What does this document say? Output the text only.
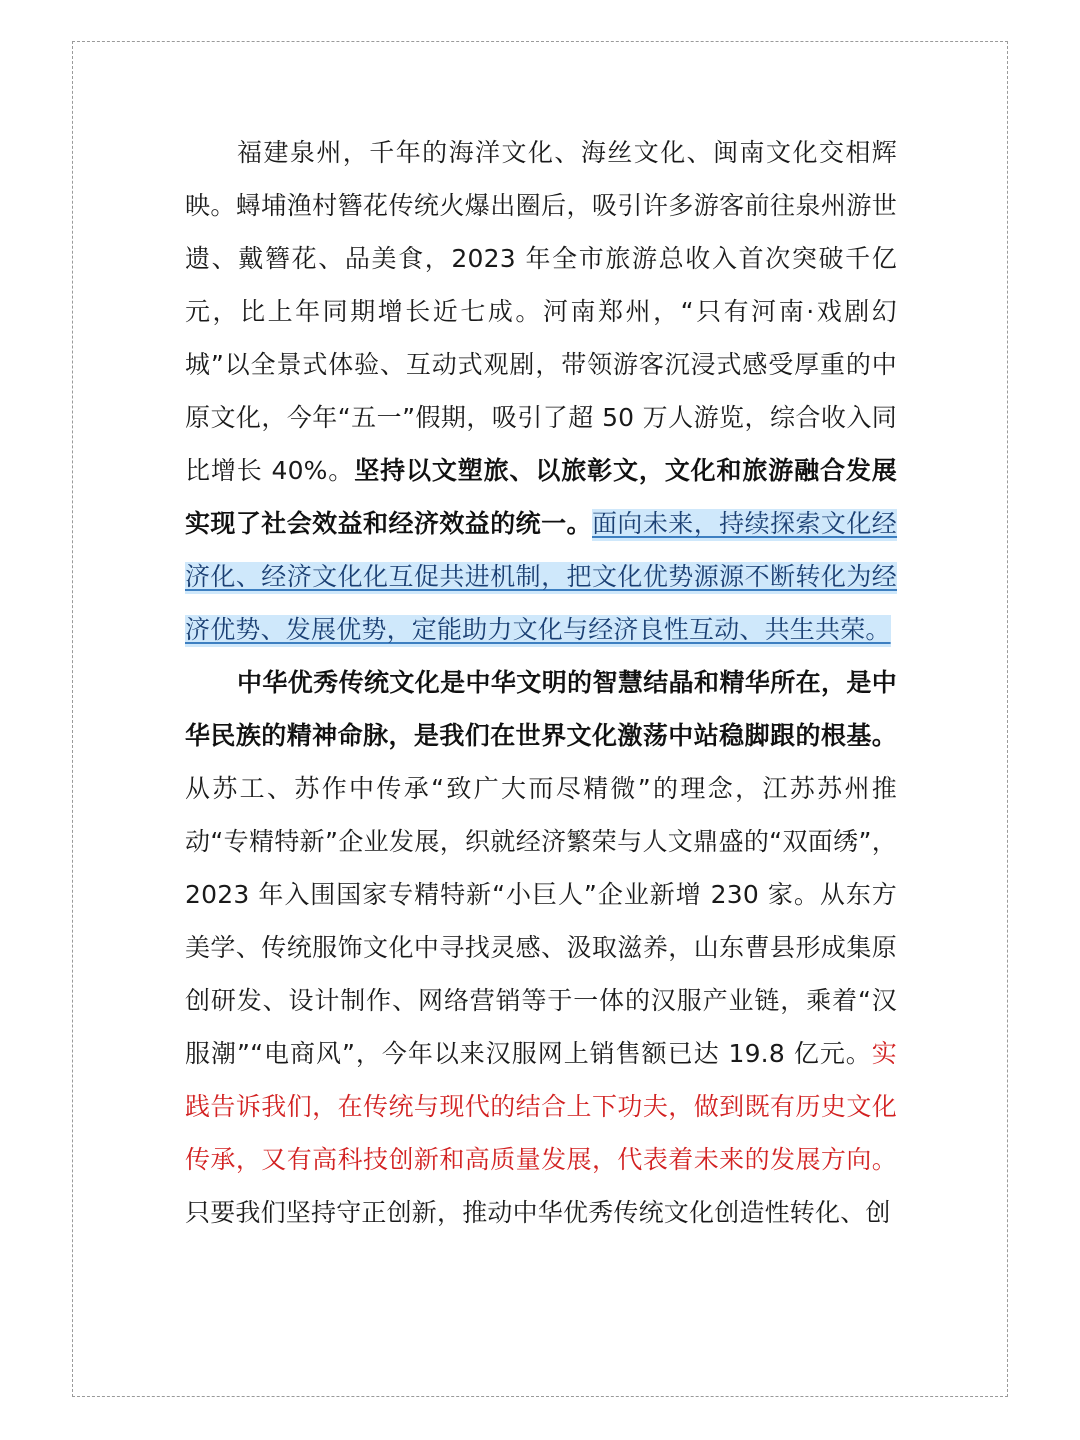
福建泉州，千年的海洋文化、海丝文化、闽南文化交相辉映。蟳埔渔村簪花传统火爆出圈后，吸引许多游客前往泉州游世遗、戴簪花、品美食，2023 年全市旅游总收入首次突破千亿元，比上年同期增长近七成。河南郑州，“只有河南·戏剧幻城”以全景式体验、互动式观剧，带领游客沉浸式感受厚重的中原文化，今年“五一”假期，吸引了超 50 万人游览，综合收入同比增长 40%。坚持以文塑旅、以旅彰文，文化和旅游融合发展实现了社会效益和经济效益的统一。面向未来，持续探索文化经济化、经济文化化互促共进机制，把文化优势源源不断转化为经济优势、发展优势，定能助力文化与经济良性互动、共生共荣。

中华优秀传统文化是中华文明的智慧结晶和精华所在，是中华民族的精神命脉，是我们在世界文化激荡中站稳脚跟的根基。从苏工、苏作中传承“致广大而尽精微”的理念，江苏苏州推动“专精特新”企业发展，织就经济繁荣与人文鼎盛的“双面绣”，2023 年入围国家专精特新“小巨人”企业新增 230 家。从东方美学、传统服饰文化中寻找灵感、汲取滋养，山东曹县形成集原创研发、设计制作、网络营销等于一体的汉服产业链，乘着“汉服潮”“电商风”，今年以来汉服网上销售额已达 19.8 亿元。实践告诉我们，在传统与现代的结合上下功夫，做到既有历史文化传承，又有高科技创新和高质量发展，代表着未来的发展方向。只要我们坚持守正创新，推动中华优秀传统文化创造性转化、创
